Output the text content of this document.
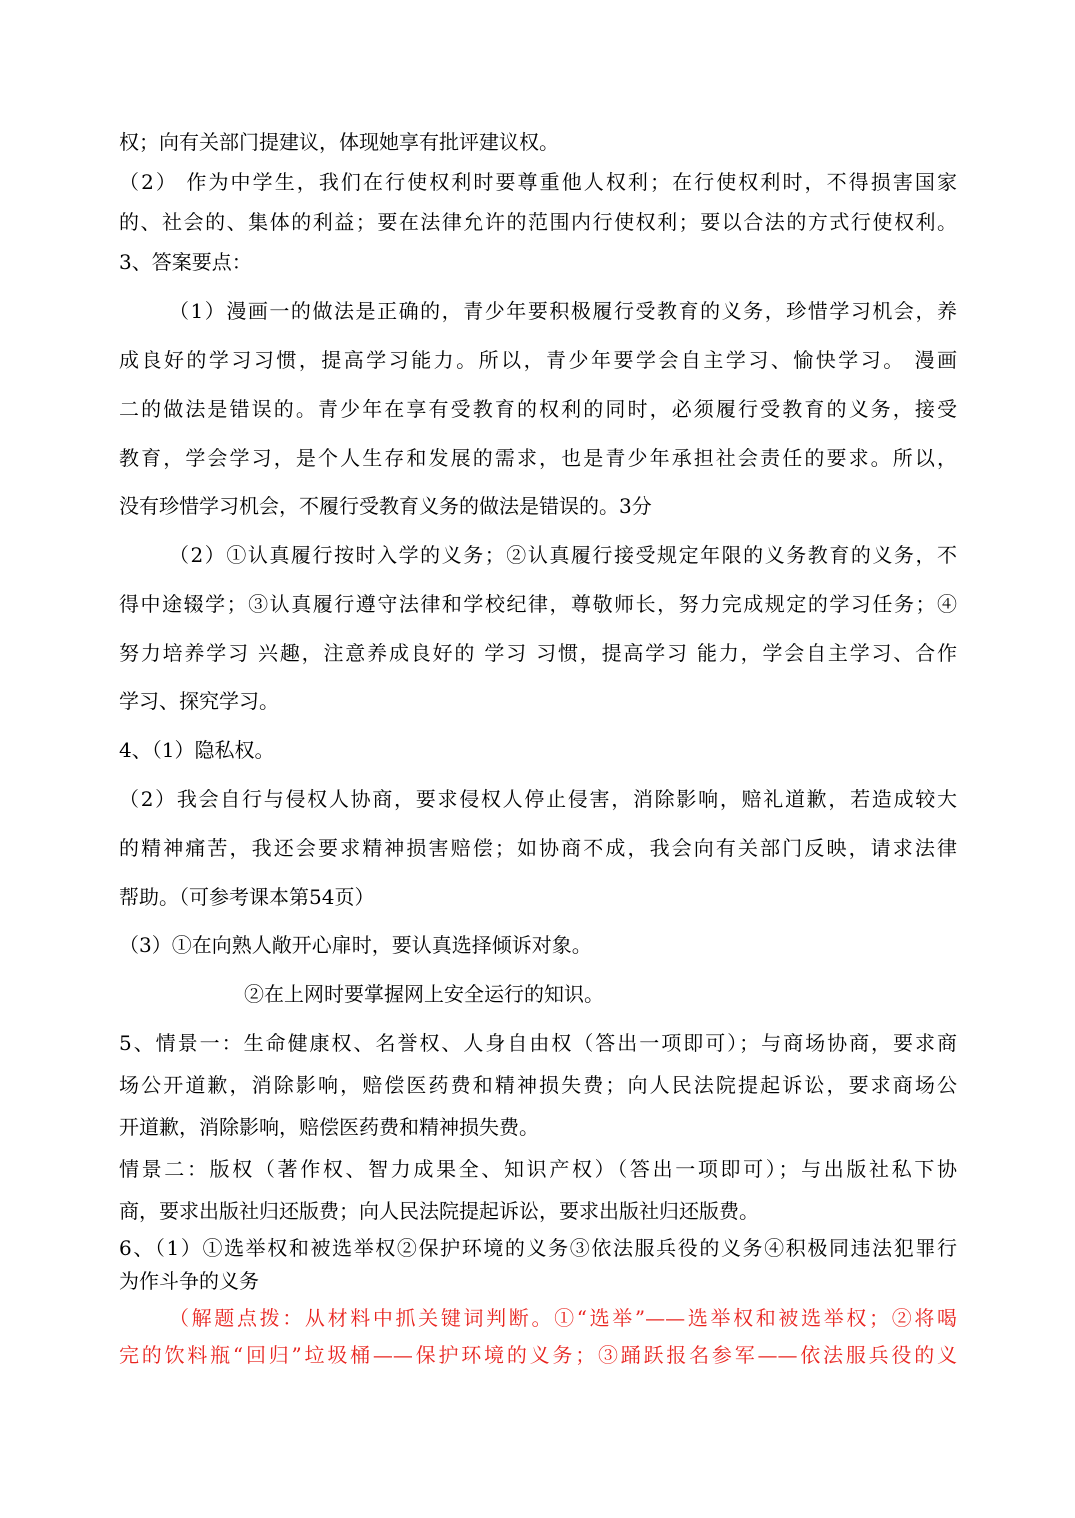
权；向有关部门提建议，体现她享有批评建议权。
（2） 作为中学生，我们在行使权利时要尊重他人权利；在行使权利时，不得损害国家
的、社会的、集体的利益；要在法律允许的范围内行使权利；要以合法的方式行使权利。
3、答案要点：
（1）漫画一的做法是正确的，青少年要积极履行受教育的义务，珍惜学习机会，养
成良好的学习习惯，提高学习能力。所以，青少年要学会自主学习、愉快学习。 漫画
二的做法是错误的。青少年在享有受教育的权利的同时，必须履行受教育的义务，接受
教育，学会学习，是个人生存和发展的需求，也是青少年承担社会责任的要求。所以，
没有珍惜学习机会，不履行受教育义务的做法是错误的。3分
（2）①认真履行按时入学的义务；②认真履行接受规定年限的义务教育的义务，不
得中途辍学；③认真履行遵守法律和学校纪律，尊敬师长，努力完成规定的学习任务；④
努力培养学习 兴趣，注意养成良好的 学习 习惯，提高学习 能力，学会自主学习、合作
学习、探究学习。
4、（1）隐私权。
（2）我会自行与侵权人协商，要求侵权人停止侵害，消除影响，赔礼道歉，若造成较大
的精神痛苦，我还会要求精神损害赔偿；如协商不成，我会向有关部门反映，请求法律
帮助。（可参考课本第54页）
（3）①在向熟人敞开心扉时，要认真选择倾诉对象。
②在上网时要掌握网上安全运行的知识。
5、情景一：生命健康权、名誉权、人身自由权（答出一项即可）；与商场协商，要求商
场公开道歉，消除影响，赔偿医药费和精神损失费；向人民法院提起诉讼，要求商场公
开道歉，消除影响，赔偿医药费和精神损失费。
情景二：版权（著作权、智力成果全、知识产权）（答出一项即可）；与出版社私下协
商，要求出版社归还版费；向人民法院提起诉讼，要求出版社归还版费。
6、（1）①选举权和被选举权②保护环境的义务③依法服兵役的义务④积极同违法犯罪行
为作斗争的义务
（解题点拨：从材料中抓关键词判断。①“选举”——选举权和被选举权；②将喝
完的饮料瓶“回归”垃圾桶——保护环境的义务；③踊跃报名参军——依法服兵役的义
